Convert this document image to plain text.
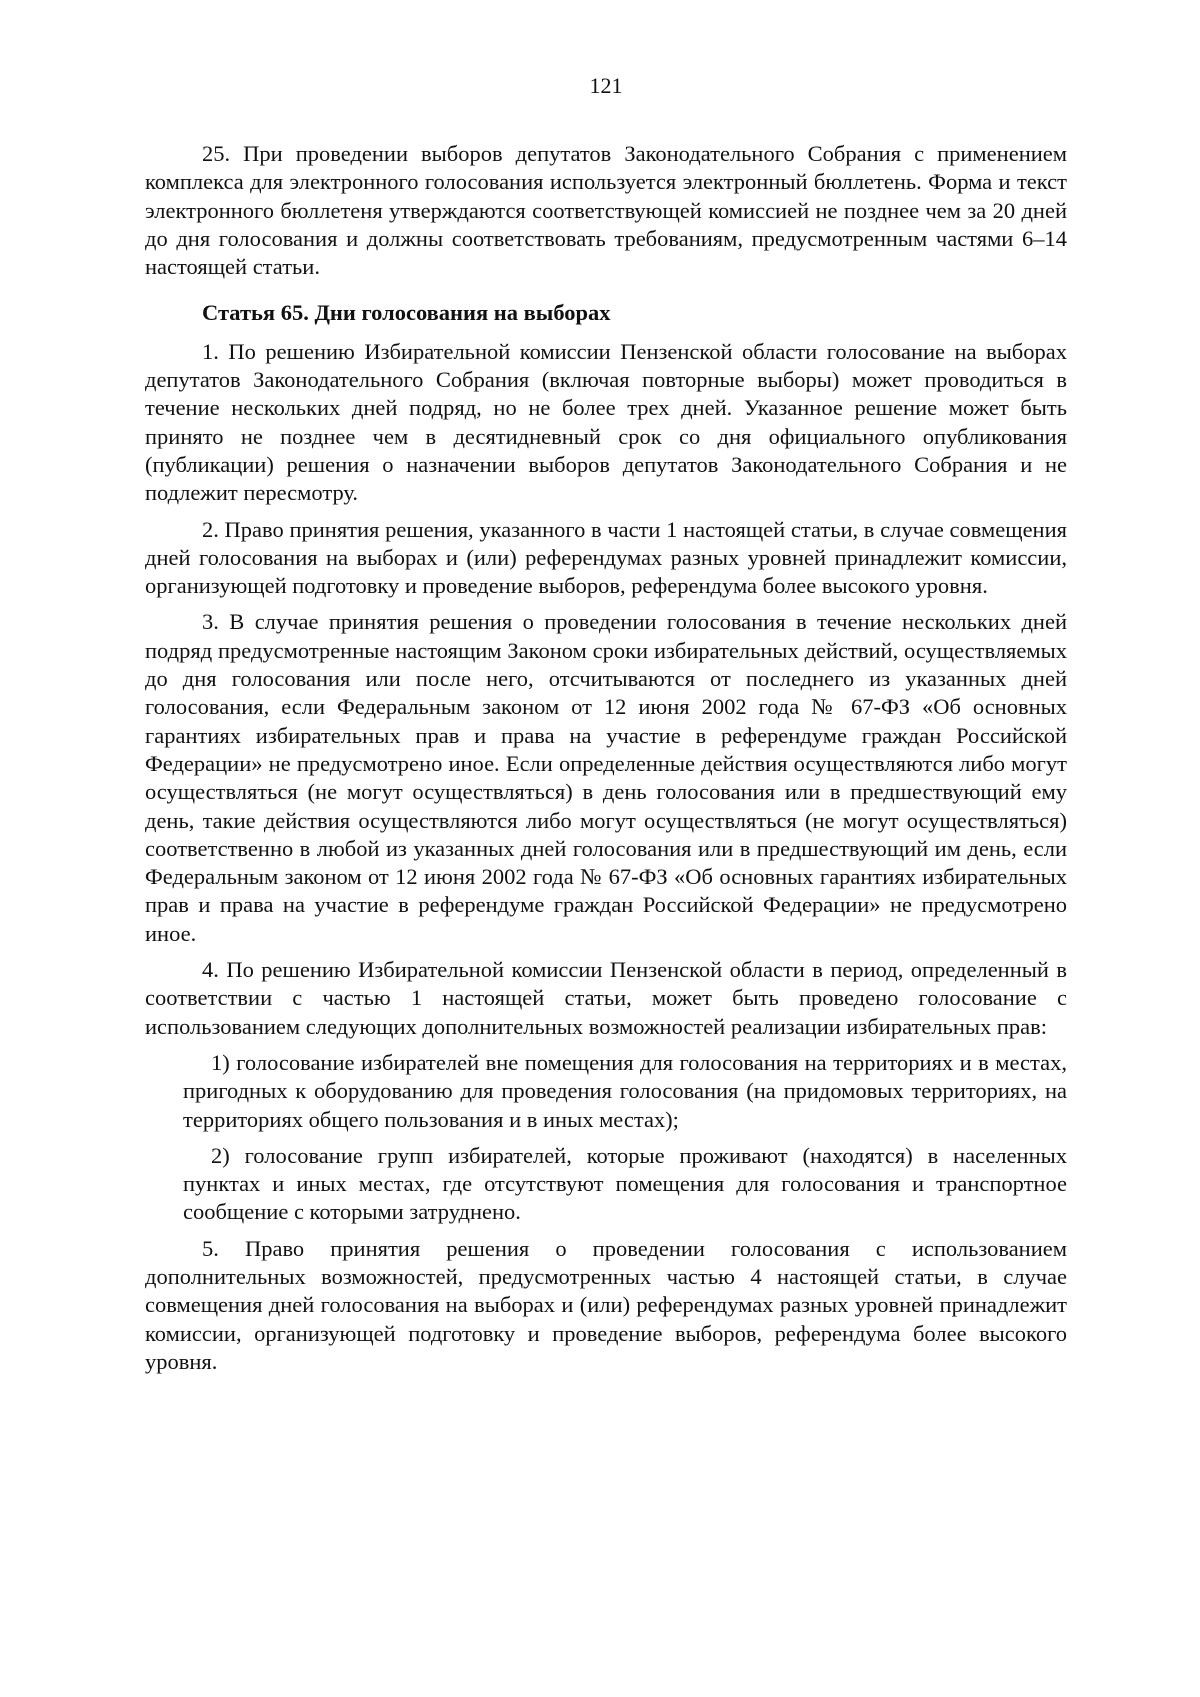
121

25. При проведении выборов депутатов Законодательного Собрания с применением комплекса для электронного голосования используется электронный бюллетень. Форма и текст электронного бюллетеня утверждаются соответствующей комиссией не позднее чем за 20 дней до дня голосования и должны соответствовать требованиям, предусмотренным частями 6–14 настоящей статьи.

Статья 65. Дни голосования на выборах

1. По решению Избирательной комиссии Пензенской области голосование на выборах депутатов Законодательного Собрания (включая повторные выборы) может проводиться в течение нескольких дней подряд, но не более трех дней. Указанное решение может быть принято не позднее чем в десятидневный срок со дня официального опубликования (публикации) решения о назначении выборов депутатов Законодательного Собрания и не подлежит пересмотру.

2. Право принятия решения, указанного в части 1 настоящей статьи, в случае совмещения дней голосования на выборах и (или) референдумах разных уровней принадлежит комиссии, организующей подготовку и проведение выборов, референдума более высокого уровня.

3. В случае принятия решения о проведении голосования в течение нескольких дней подряд предусмотренные настоящим Законом сроки избирательных действий, осуществляемых до дня голосования или после него, отсчитываются от последнего из указанных дней голосования, если Федеральным законом от 12 июня 2002 года № 67-ФЗ «Об основных гарантиях избирательных прав и права на участие в референдуме граждан Российской Федерации» не предусмотрено иное. Если определенные действия осуществляются либо могут осуществляться (не могут осуществляться) в день голосования или в предшествующий ему день, такие действия осуществляются либо могут осуществляться (не могут осуществляться) соответственно в любой из указанных дней голосования или в предшествующий им день, если Федеральным законом от 12 июня 2002 года № 67-ФЗ «Об основных гарантиях избирательных прав и права на участие в референдуме граждан Российской Федерации» не предусмотрено иное.

4. По решению Избирательной комиссии Пензенской области в период, определенный в соответствии с частью 1 настоящей статьи, может быть проведено голосование с использованием следующих дополнительных возможностей реализации избирательных прав:

1) голосование избирателей вне помещения для голосования на территориях и в местах, пригодных к оборудованию для проведения голосования (на придомовых территориях, на территориях общего пользования и в иных местах);

2) голосование групп избирателей, которые проживают (находятся) в населенных пунктах и иных местах, где отсутствуют помещения для голосования и транспортное сообщение с которыми затруднено.

5. Право принятия решения о проведении голосования с использованием дополнительных возможностей, предусмотренных частью 4 настоящей статьи, в случае совмещения дней голосования на выборах и (или) референдумах разных уровней принадлежит комиссии, организующей подготовку и проведение выборов, референдума более высокого уровня.
